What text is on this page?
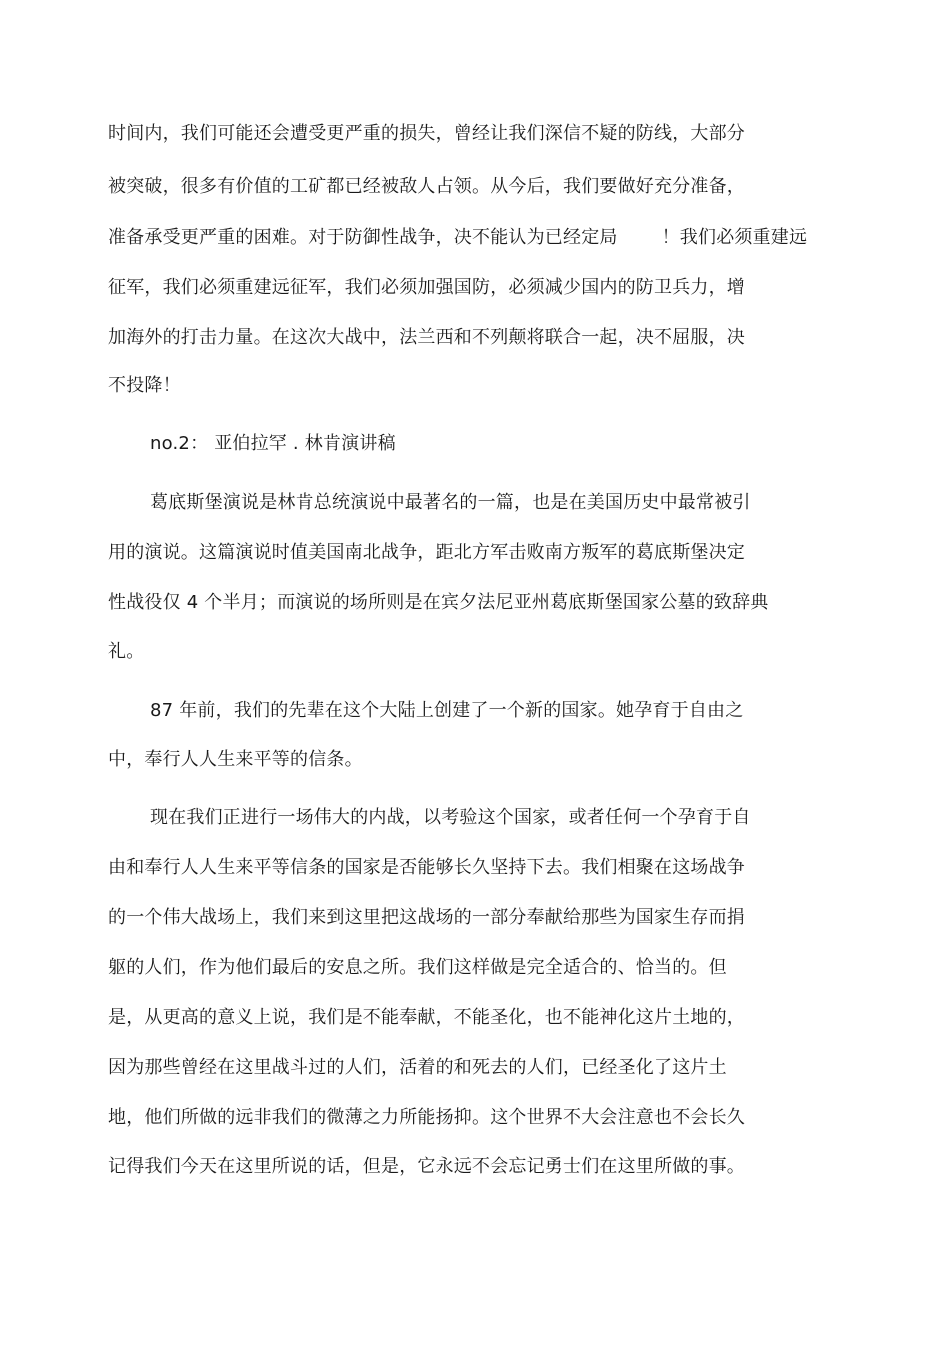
时间内，我们可能还会遭受更严重的损失，曾经让我们深信不疑的防线，大部分
被突破，很多有价值的工矿都已经被敌人占领。从今后，我们要做好充分准备，
准备承受更严重的困难。对于防御性战争，决不能认为已经定局 ！我们必须重建远
征军，我们必须重建远征军，我们必须加强国防，必须减少国内的防卫兵力，增
加海外的打击力量。在这次大战中，法兰西和不列颠将联合一起，决不屈服，决
不投降！
no.2： 亚伯拉罕 . 林肯演讲稿
葛底斯堡演说是林肯总统演说中最著名的一篇，也是在美国历史中最常被引
用的演说。这篇演说时值美国南北战争，距北方军击败南方叛军的葛底斯堡决定
性战役仅 4 个半月；而演说的场所则是在宾夕法尼亚州葛底斯堡国家公墓的致辞典
礼。
87 年前，我们的先辈在这个大陆上创建了一个新的国家。她孕育于自由之
中，奉行人人生来平等的信条。
现在我们正进行一场伟大的内战，以考验这个国家，或者任何一个孕育于自
由和奉行人人生来平等信条的国家是否能够长久坚持下去。我们相聚在这场战争
的一个伟大战场上，我们来到这里把这战场的一部分奉献给那些为国家生存而捐
躯的人们，作为他们最后的安息之所。我们这样做是完全适合的、恰当的。但
是，从更高的意义上说，我们是不能奉献，不能圣化，也不能神化这片土地的，
因为那些曾经在这里战斗过的人们，活着的和死去的人们，已经圣化了这片土
地，他们所做的远非我们的微薄之力所能扬抑。这个世界不大会注意也不会长久
记得我们今天在这里所说的话，但是，它永远不会忘记勇士们在这里所做的事。
